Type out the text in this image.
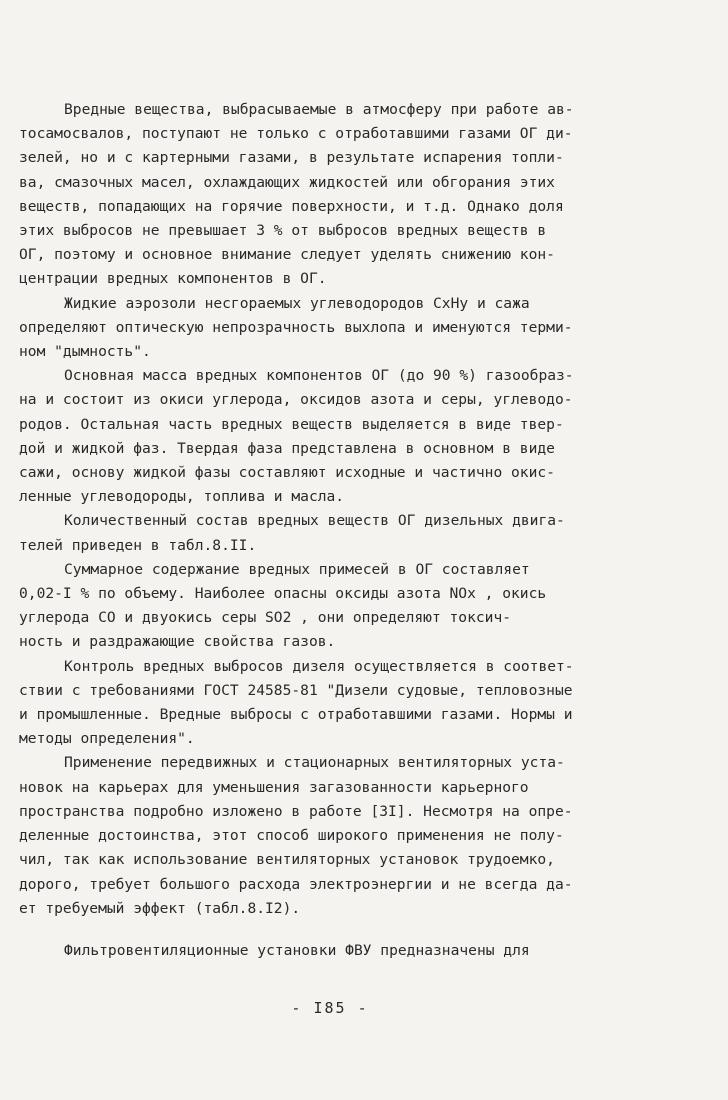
Вредные вещества, выбрасываемые в атмосферу при работе ав-
тосамосвалов, поступают не только с отработавшими газами ОГ ди-
зелей, но и с картерными газами, в результате испарения топли-
ва, смазочных масел, охлаждающих жидкостей или обгорания этих
веществ, попадающих на горячие поверхности, и т.д. Однако доля
этих выбросов не превышает 3 % от выбросов вредных веществ в
ОГ, поэтому и основное внимание следует уделять снижению кон-
центрации вредных компонентов в ОГ.
Жидкие аэрозоли несгораемых углеводородов CxHy и сажа
определяют оптическую непрозрачность выхлопа и именуются терми-
ном "дымность".
Основная масса вредных компонентов ОГ (до 90 %) газообраз-
на и состоит из окиси углерода, оксидов азота и серы, углеводо-
родов. Остальная часть вредных веществ выделяется в виде твер-
дой и жидкой фаз. Твердая фаза представлена в основном в виде
сажи, основу жидкой фазы составляют исходные и частично окис-
ленные углеводороды, топлива и масла.
Количественный состав вредных веществ ОГ дизельных двига-
телей приведен в табл.8.II.
Суммарное содержание вредных примесей в ОГ составляет
0,02-I % по объему. Наиболее опасны оксиды азота NOx , окись
углерода CO и двуокись серы SO2 , они определяют токсич-
ность и раздражающие свойства газов.
Контроль вредных выбросов дизеля осуществляется в соответ-
ствии с требованиями ГОСТ 24585-81 "Дизели судовые, тепловозные
и промышленные. Вредные выбросы с отработавшими газами. Нормы и
методы определения".
Применение передвижных и стационарных вентиляторных уста-
новок на карьерах для уменьшения загазованности карьерного
пространства подробно изложено в работе [3I]. Несмотря на опре-
деленные достоинства, этот способ широкого применения не полу-
чил, так как использование вентиляторных установок трудоемко,
дорого, требует большого расхода электроэнергии и не всегда да-
ет требуемый эффект (табл.8.I2).
Фильтровентиляционные установки ФВУ предназначены для
- I85 -
